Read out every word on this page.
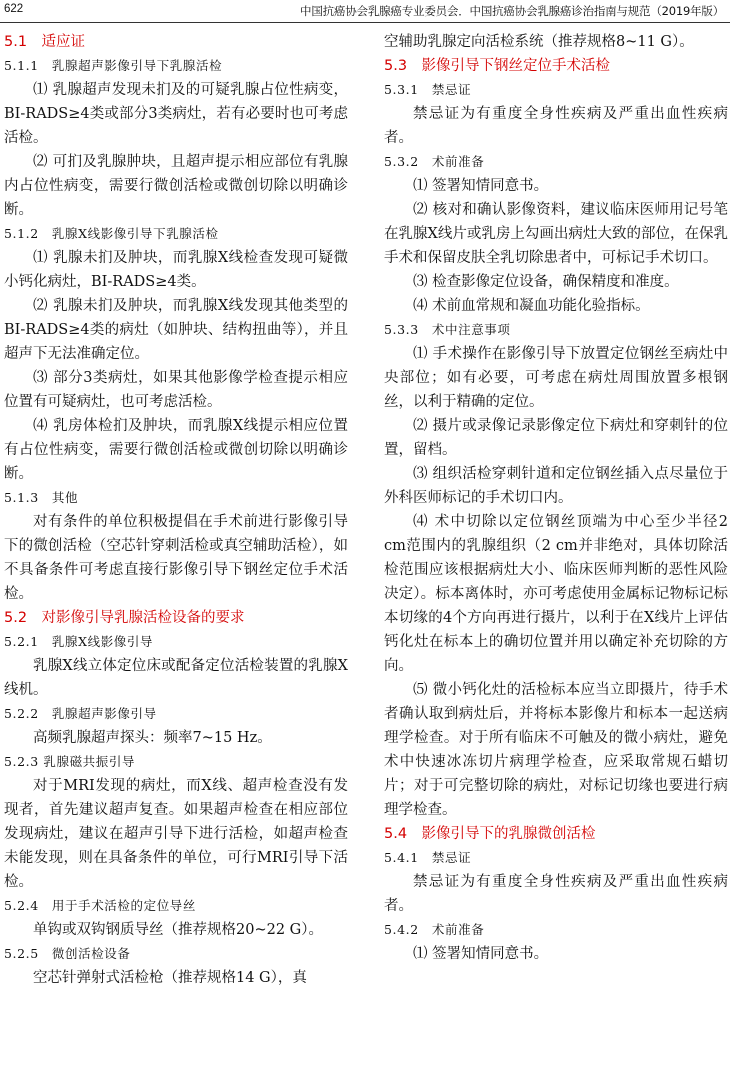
622	中国抗癌协会乳腺癌专业委员会．中国抗癌协会乳腺癌诊治指南与规范（2019年版）

5.1　适应证

5.1.1　乳腺超声影像引导下乳腺活检

⑴ 乳腺超声发现未扪及的可疑乳腺占位性病变，BI-RADS≥4类或部分3类病灶，若有必要时也可考虑活检。

⑵ 可扪及乳腺肿块，且超声提示相应部位有乳腺内占位性病变，需要行微创活检或微创切除以明确诊断。

5.1.2　乳腺X线影像引导下乳腺活检

⑴ 乳腺未扪及肿块，而乳腺X线检查发现可疑微小钙化病灶，BI-RADS≥4类。

⑵ 乳腺未扪及肿块，而乳腺X线发现其他类型的BI-RADS≥4类的病灶（如肿块、结构扭曲等），并且超声下无法准确定位。

⑶ 部分3类病灶，如果其他影像学检查提示相应位置有可疑病灶，也可考虑活检。

⑷ 乳房体检扪及肿块，而乳腺X线提示相应位置有占位性病变，需要行微创活检或微创切除以明确诊断。

5.1.3　其他

对有条件的单位积极提倡在手术前进行影像引导下的微创活检（空芯针穿刺活检或真空辅助活检），如不具备条件可考虑直接行影像引导下钢丝定位手术活检。

5.2　对影像引导乳腺活检设备的要求

5.2.1　乳腺X线影像引导

乳腺X线立体定位床或配备定位活检装置的乳腺X线机。

5.2.2　乳腺超声影像引导

高频乳腺超声探头：频率7~15 Hz。

5.2.3 乳腺磁共振引导

对于MRI发现的病灶，而X线、超声检查没有发现者，首先建议超声复查。如果超声检查在相应部位发现病灶，建议在超声引导下进行活检，如超声检查未能发现，则在具备条件的单位，可行MRI引导下活检。

5.2.4　用于手术活检的定位导丝

单钩或双钩钢质导丝（推荐规格20~22 G）。

5.2.5　微创活检设备

空芯针弹射式活检枪（推荐规格14 G），真

空辅助乳腺定向活检系统（推荐规格8~11 G）。

5.3　影像引导下钢丝定位手术活检

5.3.1　禁忌证

禁忌证为有重度全身性疾病及严重出血性疾病者。

5.3.2　术前准备

⑴ 签署知情同意书。

⑵ 核对和确认影像资料，建议临床医师用记号笔在乳腺X线片或乳房上勾画出病灶大致的部位，在保乳手术和保留皮肤全乳切除患者中，可标记手术切口。

⑶ 检查影像定位设备，确保精度和准度。

⑷ 术前血常规和凝血功能化验指标。

5.3.3　术中注意事项

⑴ 手术操作在影像引导下放置定位钢丝至病灶中央部位；如有必要，可考虑在病灶周围放置多根钢丝，以利于精确的定位。

⑵ 摄片或录像记录影像定位下病灶和穿刺针的位置，留档。

⑶ 组织活检穿刺针道和定位钢丝插入点尽量位于外科医师标记的手术切口内。

⑷ 术中切除以定位钢丝顶端为中心至少半径2 cm范围内的乳腺组织（2 cm并非绝对，具体切除活检范围应该根据病灶大小、临床医师判断的恶性风险决定）。标本离体时，亦可考虑使用金属标记物标记标本切缘的4个方向再进行摄片，以利于在X线片上评估钙化灶在标本上的确切位置并用以确定补充切除的方向。

⑸ 微小钙化灶的活检标本应当立即摄片，待手术者确认取到病灶后，并将标本影像片和标本一起送病理学检查。对于所有临床不可触及的微小病灶，避免术中快速冰冻切片病理学检查，应采取常规石蜡切片；对于可完整切除的病灶，对标记切缘也要进行病理学检查。

5.4　影像引导下的乳腺微创活检

5.4.1　禁忌证

禁忌证为有重度全身性疾病及严重出血性疾病者。

5.4.2　术前准备

⑴ 签署知情同意书。
